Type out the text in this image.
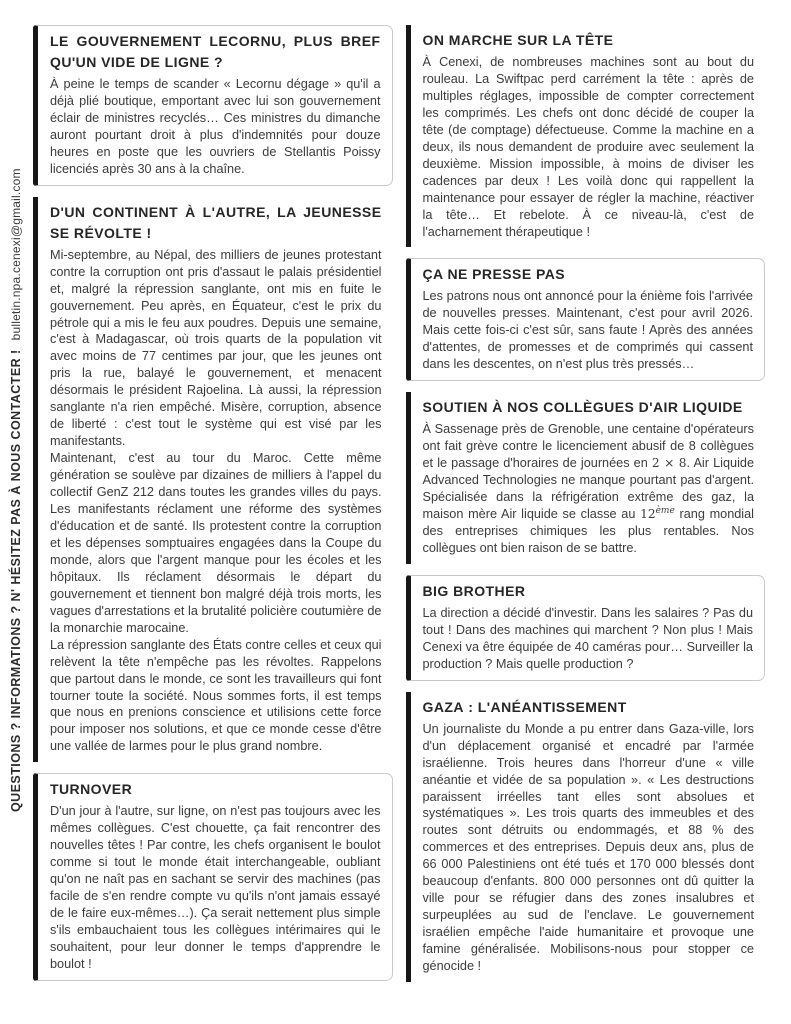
QUESTIONS ? INFORMATIONS ? N' HÉSITEZ PAS À NOUS CONTACTER !
bulletin.npa.cenexi@gmail.com
LE GOUVERNEMENT LECORNU, PLUS BREF QU'UN VIDE DE LIGNE ?

À peine le temps de scander « Lecornu dégage » qu'il a déjà plié boutique, emportant avec lui son gouvernement éclair de ministres recyclés… Ces ministres du dimanche auront pourtant droit à plus d'indemnités pour douze heures en poste que les ouvriers de Stellantis Poissy licenciés après 30 ans à la chaîne.

D'UN CONTINENT À L'AUTRE, LA JEUNESSE SE RÉVOLTE !

Mi-septembre, au Népal, des milliers de jeunes protestant contre la corruption ont pris d'assaut le palais présidentiel et, malgré la répression sanglante, ont mis en fuite le gouvernement. Peu après, en Équateur, c'est le prix du pétrole qui a mis le feu aux poudres. Depuis une semaine, c'est à Madagascar, où trois quarts de la population vit avec moins de 77 centimes par jour, que les jeunes ont pris la rue, balayé le gouvernement, et menacent désormais le président Rajoelina. Là aussi, la répression sanglante n'a rien empêché. Misère, corruption, absence de liberté : c'est tout le système qui est visé par les manifestants.

Maintenant, c'est au tour du Maroc. Cette même génération se soulève par dizaines de milliers à l'appel du collectif GenZ 212 dans toutes les grandes villes du pays. Les manifestants réclament une réforme des systèmes d'éducation et de santé. Ils protestent contre la corruption et les dépenses somptuaires engagées dans la Coupe du monde, alors que l'argent manque pour les écoles et les hôpitaux. Ils réclament désormais le départ du gouvernement et tiennent bon malgré déjà trois morts, les vagues d'arrestations et la brutalité policière coutumière de la monarchie marocaine.

La répression sanglante des États contre celles et ceux qui relèvent la tête n'empêche pas les révoltes. Rappelons que partout dans le monde, ce sont les travailleurs qui font tourner toute la société. Nous sommes forts, il est temps que nous en prenions conscience et utilisions cette force pour imposer nos solutions, et que ce monde cesse d'être une vallée de larmes pour le plus grand nombre.

TURNOVER

D'un jour à l'autre, sur ligne, on n'est pas toujours avec les mêmes collègues. C'est chouette, ça fait rencontrer des nouvelles têtes ! Par contre, les chefs organisent le boulot comme si tout le monde était interchangeable, oubliant qu'on ne naît pas en sachant se servir des machines (pas facile de s'en rendre compte vu qu'ils n'ont jamais essayé de le faire eux-mêmes…). Ça serait nettement plus simple s'ils embauchaient tous les collègues intérimaires qui le souhaitent, pour leur donner le temps d'apprendre le boulot !

ON MARCHE SUR LA TÊTE

À Cenexi, de nombreuses machines sont au bout du rouleau. La Swiftpac perd carrément la tête : après de multiples réglages, impossible de compter correctement les comprimés. Les chefs ont donc décidé de couper la tête (de comptage) défectueuse. Comme la machine en a deux, ils nous demandent de produire avec seulement la deuxième. Mission impossible, à moins de diviser les cadences par deux ! Les voilà donc qui rappellent la maintenance pour essayer de régler la machine, réactiver la tête… Et rebelote. À ce niveau-là, c'est de l'acharnement thérapeutique !

ÇA NE PRESSE PAS

Les patrons nous ont annoncé pour la énième fois l'arrivée de nouvelles presses. Maintenant, c'est pour avril 2026. Mais cette fois-ci c'est sûr, sans faute ! Après des années d'attentes, de promesses et de comprimés qui cassent dans les descentes, on n'est plus très pressés…

SOUTIEN À NOS COLLÈGUES D'AIR LIQUIDE

À Sassenage près de Grenoble, une centaine d'opérateurs ont fait grève contre le licenciement abusif de 8 collègues et le passage d'horaires de journées en 2 × 8. Air Liquide Advanced Technologies ne manque pourtant pas d'argent. Spécialisée dans la réfrigération extrême des gaz, la maison mère Air liquide se classe au 12ème rang mondial des entreprises chimiques les plus rentables. Nos collègues ont bien raison de se battre.

BIG BROTHER

La direction a décidé d'investir. Dans les salaires ? Pas du tout ! Dans des machines qui marchent ? Non plus ! Mais Cenexi va être équipée de 40 caméras pour… Surveiller la production ? Mais quelle production ?

GAZA : L'ANÉANTISSEMENT

Un journaliste du Monde a pu entrer dans Gaza-ville, lors d'un déplacement organisé et encadré par l'armée israélienne. Trois heures dans l'horreur d'une « ville anéantie et vidée de sa population ». « Les destructions paraissent irréelles tant elles sont absolues et systématiques ». Les trois quarts des immeubles et des routes sont détruits ou endommagés, et 88 % des commerces et des entreprises. Depuis deux ans, plus de 66 000 Palestiniens ont été tués et 170 000 blessés dont beaucoup d'enfants. 800 000 personnes ont dû quitter la ville pour se réfugier dans des zones insalubres et surpeuplées au sud de l'enclave. Le gouvernement israélien empêche l'aide humanitaire et provoque une famine généralisée. Mobilisons-nous pour stopper ce génocide !
